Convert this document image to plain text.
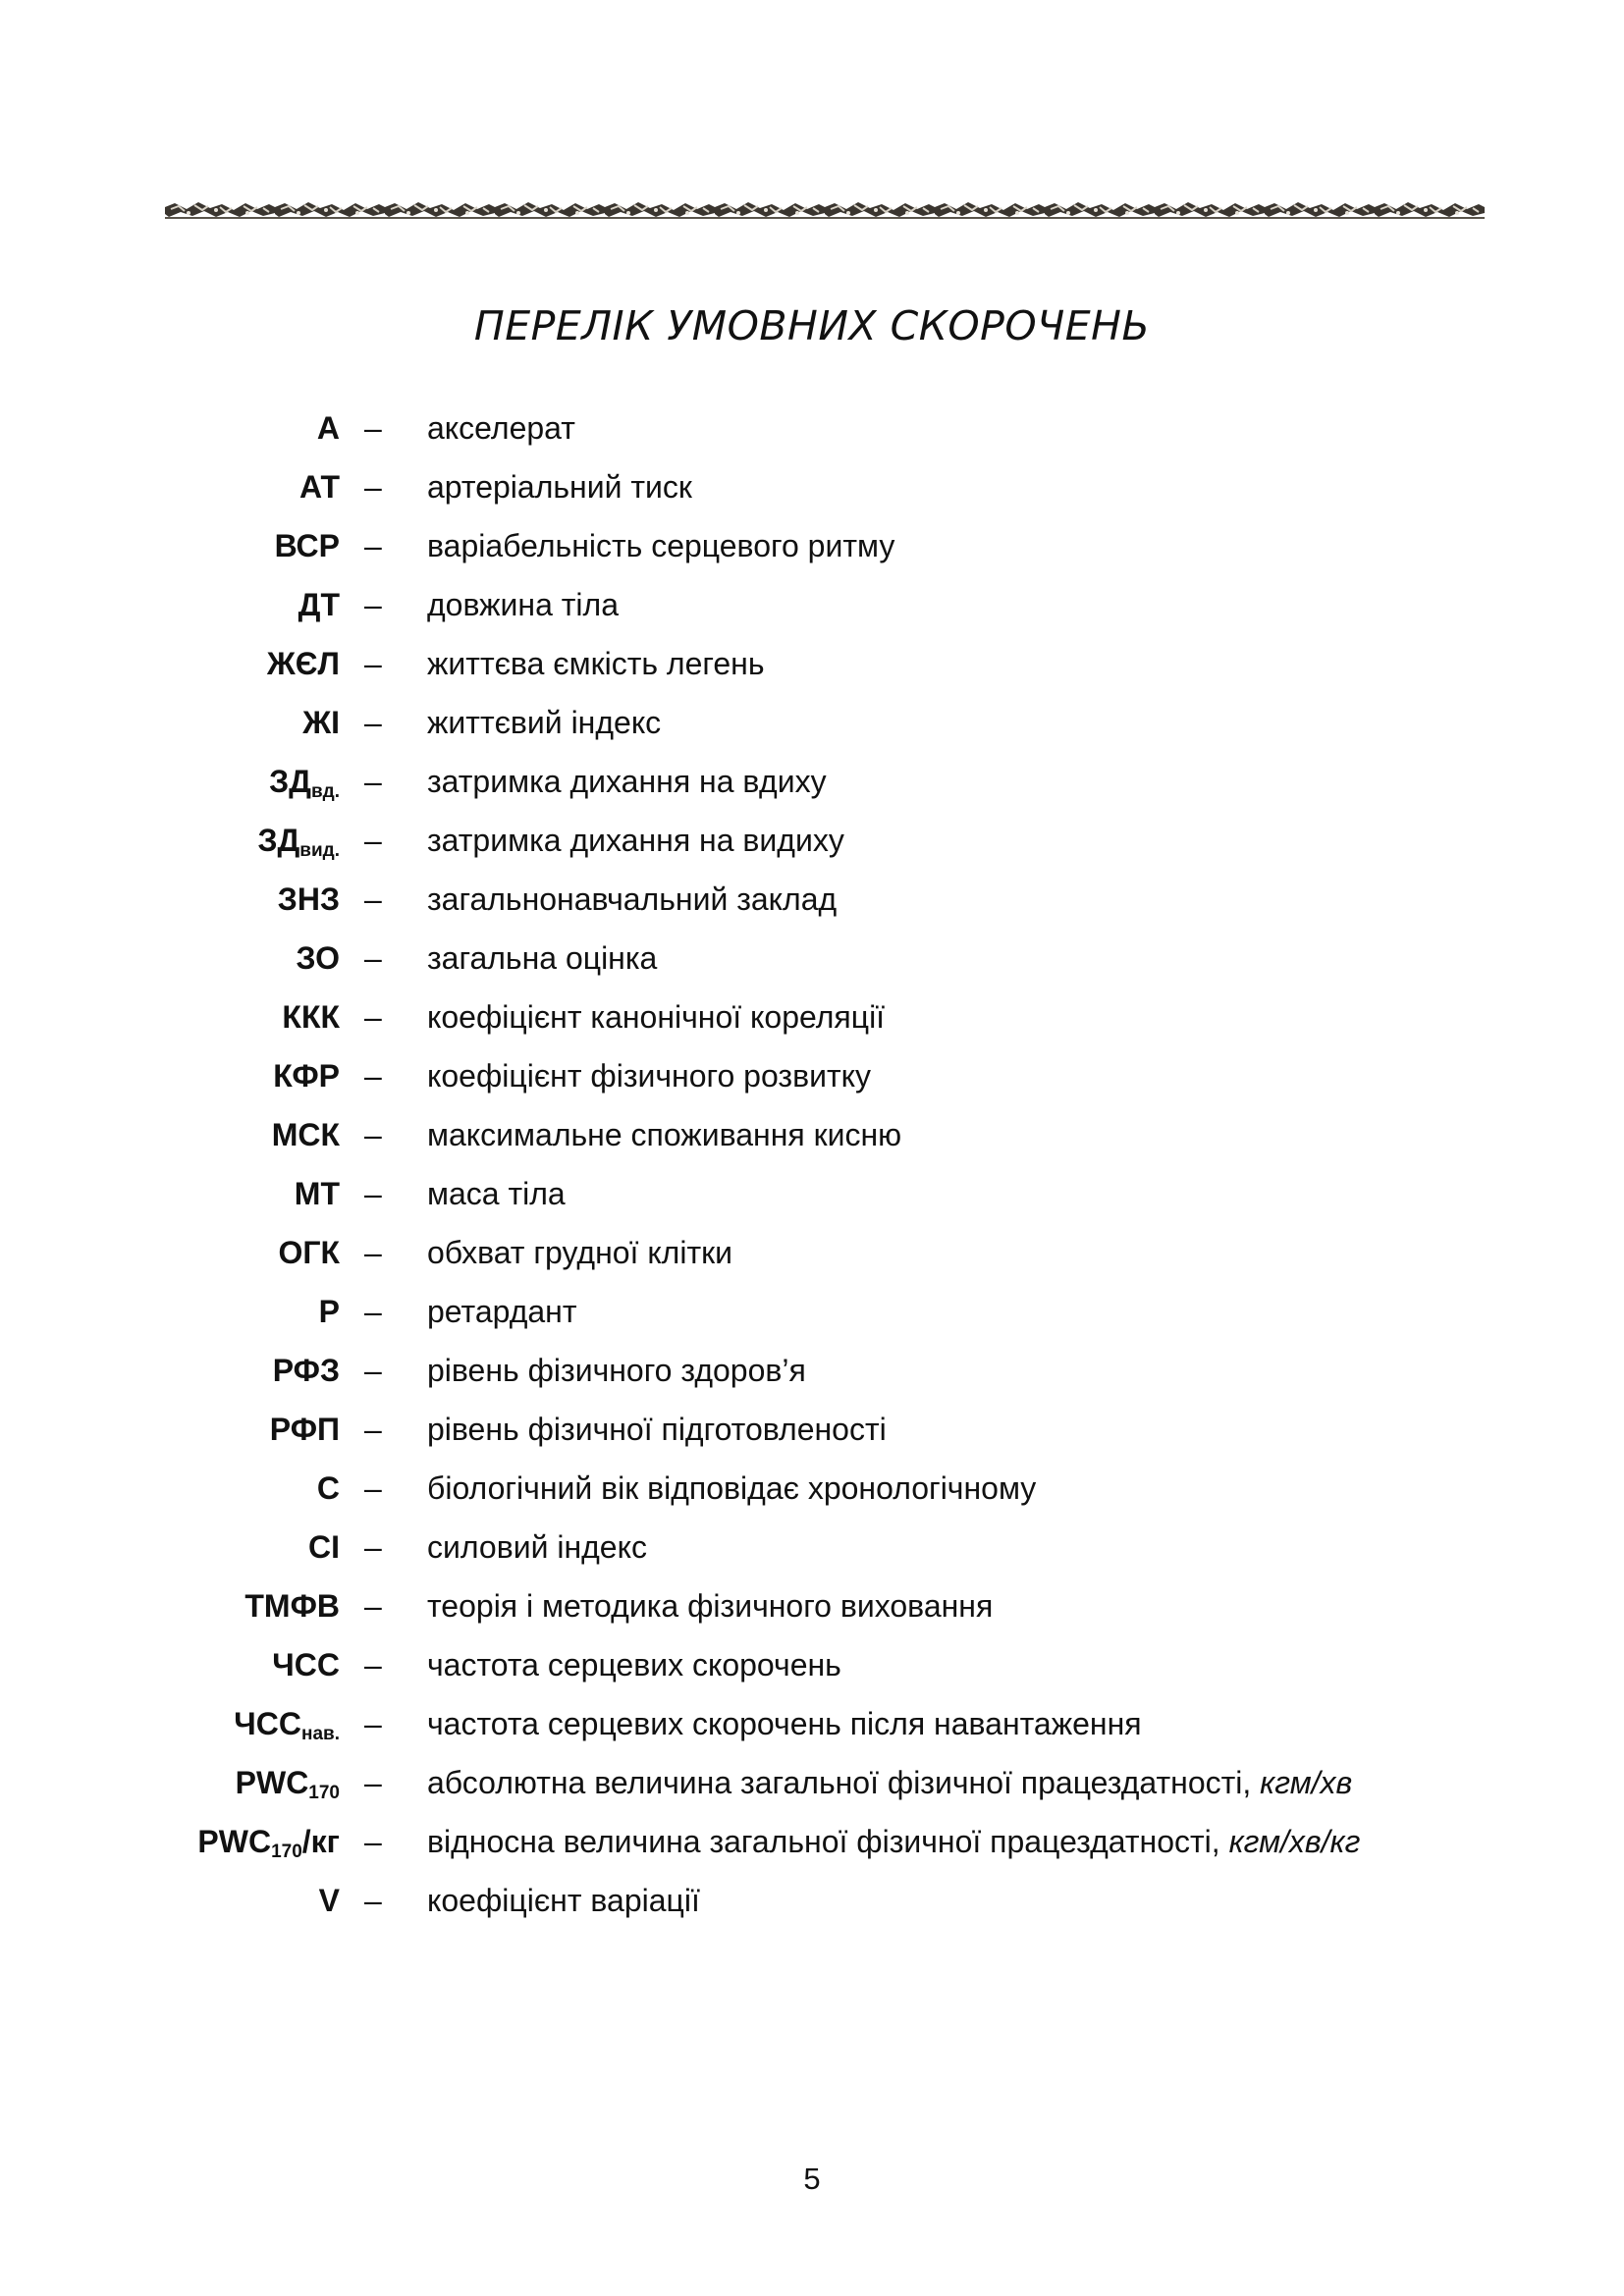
ПЕРЕЛІК УМОВНИХ СКОРОЧЕНЬ
А – акселерат
АТ – артеріальний тиск
ВСР – варіабельність серцевого ритму
ДТ – довжина тіла
ЖЄЛ – життєва ємкість легень
ЖІ – життєвий індекс
$ЗД_{вд.}$ – затримка дихання на вдиху
$ЗД_{вид.}$ – затримка дихання на видиху
ЗНЗ – загальнонавчальний заклад
ЗО – загальна оцінка
ККК – коефіцієнт канонічної кореляції
КФР – коефіцієнт фізичного розвитку
МСК – максимальне споживання кисню
МТ – маса тіла
ОГК – обхват грудної клітки
Р – ретардант
РФЗ – рівень фізичного здоров’я
РФП – рівень фізичної підготовленості
С – біологічний вік відповідає хронологічному
СІ – силовий індекс
ТМФВ – теорія і методика фізичного виховання
ЧСС – частота серцевих скорочень
$ЧСС_{нав.}$ – частота серцевих скорочень після навантаження
$PWC_{170}$ – абсолютна величина загальної фізичної працездатності, кгм/хв
$PWC_{170}/кг$ – відносна величина загальної фізичної працездатності, кгм/хв/кг
V – коефіцієнт варіації
5
